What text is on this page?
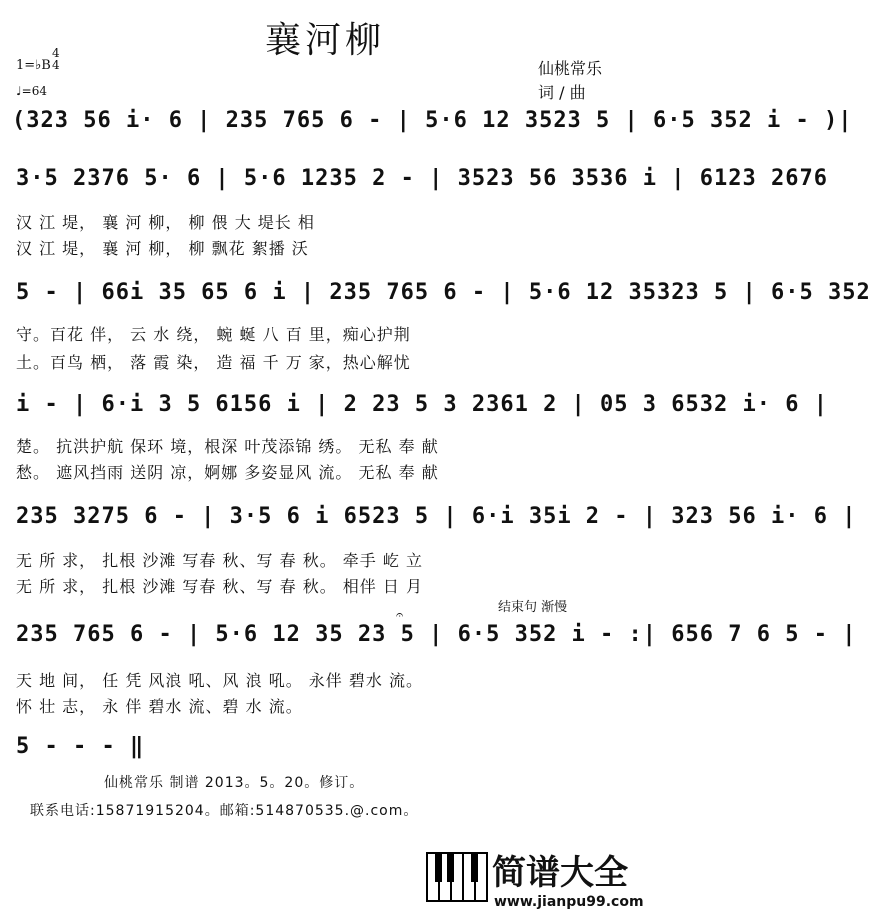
襄河柳
1=♭B
4
4
♩=64
仙桃常乐
词 / 曲
(323 56 i· 6 | 235 765 6 - | 5·6 12 3523 5 | 6·5 352 i - )|
3·5 2376 5· 6 | 5·6 1235 2 - | 3523 56 3536 i | 6123 2676
汉 江 堤， 襄 河 柳， 柳 偎 大 堤长 相
汉 江 堤， 襄 河 柳， 柳 飘花 絮播 沃
5 - | 66i 35 65 6 i | 235 765 6 - | 5·6 12 35323 5 | 6·5 352
守。百花 伴， 云 水 绕， 蜿 蜒 八 百 里，痴心护荆
土。百鸟 栖， 落 霞 染， 造 福 千 万 家，热心解忧
i - | 6·i 3 5 6156 i | 2 23 5 3 2361 2 | 05 3 6532 i· 6 |
楚。 抗洪护航 保环 境，根深 叶茂添锦 绣。 无私 奉 献
愁。 遮风挡雨 送阴 凉，婀娜 多姿显风 流。 无私 奉 献
235 3275 6 - | 3·5 6 i 6523 5 | 6·i 35i 2 - | 323 56 i· 6 |
无 所 求， 扎根 沙滩 写春 秋、写 春 秋。 牵手 屹 立
无 所 求， 扎根 沙滩 写春 秋、写 春 秋。 相伴 日 月
结束句 渐慢
𝄐
235 765 6 - | 5·6 12 35 23 5 | 6·5 352 i - :| 656 7 6 5 - |
天 地 间， 任 凭 风浪 吼、风 浪 吼。 永伴 碧水 流。
怀 壮 志， 永 伴 碧水 流、碧 水 流。
5 - - - ‖
仙桃常乐 制谱 2013。5。20。修订。
联系电话:15871915204。邮箱:514870535.@.com。
简谱大全
www.jianpu99.com
